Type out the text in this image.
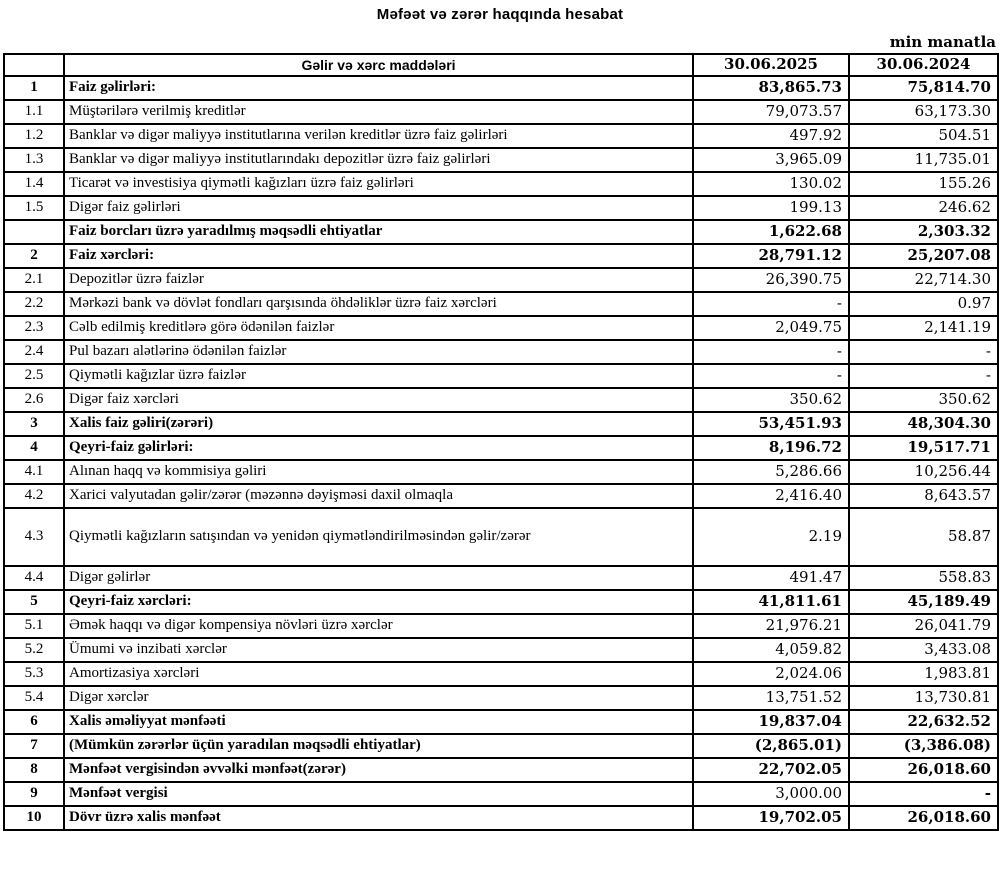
Məfəət və zərər haqqında hesabat
min manatla
	Gəlir və xərc maddələri	30.06.2025	30.06.2024
1	Faiz gəlirləri:	83,865.73	75,814.70
1.1	Müştərilərə verilmiş kreditlər	79,073.57	63,173.30
1.2	Banklar və digər maliyyə institutlarına verilən kreditlər üzrə faiz gəlirləri	497.92	504.51
1.3	Banklar və digər maliyyə institutlarındakı depozitlər üzrə faiz gəlirləri	3,965.09	11,735.01
1.4	Ticarət və investisiya qiymətli kağızları üzrə faiz gəlirləri	130.02	155.26
1.5	Digər faiz gəlirləri	199.13	246.62
	Faiz borcları üzrə yaradılmış məqsədli ehtiyatlar	1,622.68	2,303.32
2	Faiz xərcləri:	28,791.12	25,207.08
2.1	Depozitlər üzrə faizlər	26,390.75	22,714.30
2.2	Mərkəzi bank və dövlət fondları qarşısında öhdəliklər üzrə faiz xərcləri	-	0.97
2.3	Cəlb edilmiş kreditlərə görə ödənilən faizlər	2,049.75	2,141.19
2.4	Pul bazarı alətlərinə ödənilən faizlər	-	-
2.5	Qiymətli kağızlar üzrə faizlər	-	-
2.6	Digər faiz xərcləri	350.62	350.62
3	Xalis faiz gəliri(zərəri)	53,451.93	48,304.30
4	Qeyri-faiz gəlirləri:	8,196.72	19,517.71
4.1	Alınan haqq və kommisiya gəliri	5,286.66	10,256.44
4.2	Xarici valyutadan gəlir/zərər (məzənnə dəyişməsi daxil olmaqla	2,416.40	8,643.57
4.3	Qiymətli kağızların satışından və yenidən qiymətləndirilməsindən gəlir/zərər	2.19	58.87
4.4	Digər gəlirlər	491.47	558.83
5	Qeyri-faiz xərcləri:	41,811.61	45,189.49
5.1	Əmək haqqı və digər kompensiya növləri üzrə xərclər	21,976.21	26,041.79
5.2	Ümumi və inzibati xərclər	4,059.82	3,433.08
5.3	Amortizasiya xərcləri	2,024.06	1,983.81
5.4	Digər xərclər	13,751.52	13,730.81
6	Xalis əməliyyat mənfəəti	19,837.04	22,632.52
7	(Mümkün zərərlər üçün yaradılan məqsədli ehtiyatlar)	(2,865.01)	(3,386.08)
8	Mənfəət vergisindən əvvəlki mənfəət(zərər)	22,702.05	26,018.60
9	Mənfəət vergisi	3,000.00	-
10	Dövr üzrə xalis mənfəət	19,702.05	26,018.60
